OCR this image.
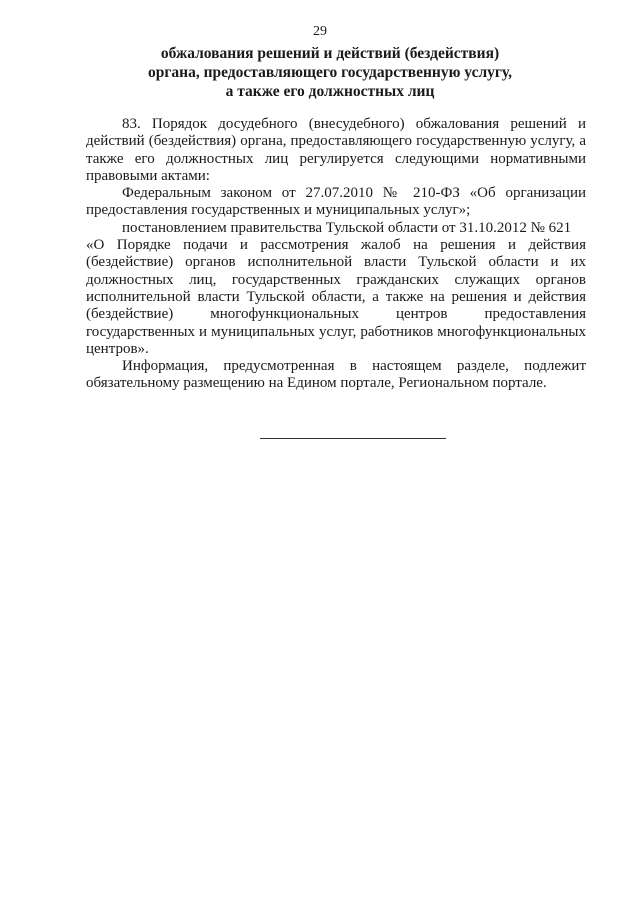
29
обжалования решений и действий (бездействия)
органа, предоставляющего государственную услугу,
а также его должностных лиц

83. Порядок досудебного (внесудебного) обжалования решений и действий (бездействия) органа, предоставляющего государственную услугу, а также его должностных лиц регулируется следующими нормативными правовыми актами:

Федеральным законом от 27.07.2010 № 210-ФЗ «Об организации предоставления государственных и муниципальных услуг»;

постановлением правительства Тульской области от 31.10.2012 № 621

«О Порядке подачи и рассмотрения жалоб на решения и действия (бездействие) органов исполнительной власти Тульской области и их должностных лиц, государственных гражданских служащих органов исполнительной власти Тульской области, а также на решения и действия (бездействие) многофункциональных центров предоставления государственных и муниципальных услуг, работников многофункциональных центров».

Информация, предусмотренная в настоящем разделе, подлежит обязательному размещению на Едином портале, Региональном портале.
